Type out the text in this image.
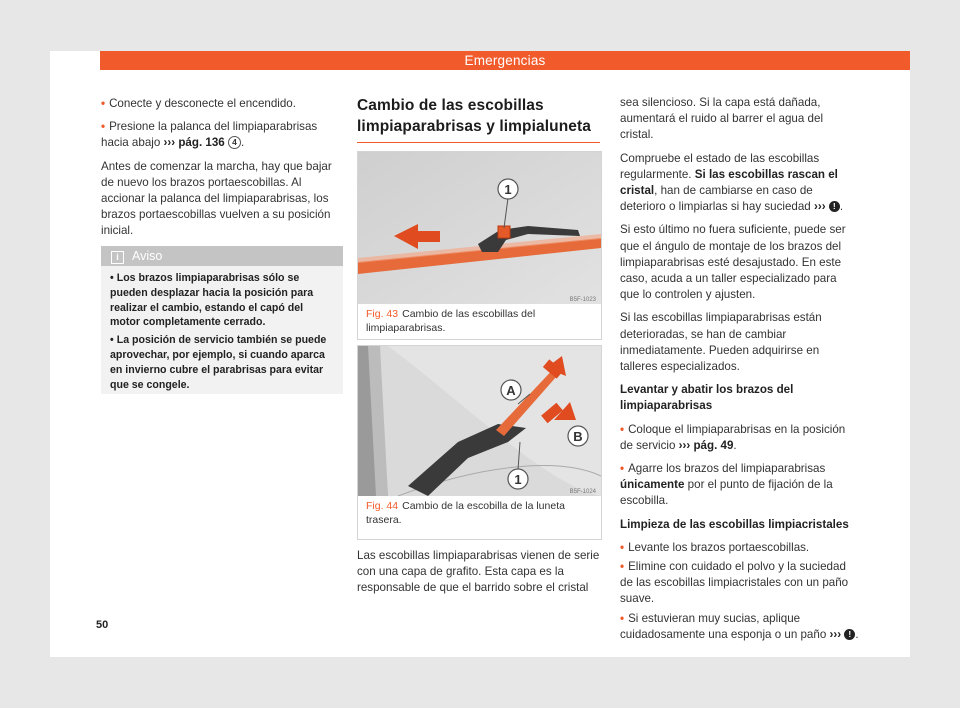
Emergencias

• Conecte y desconecte el encendido.

• Presione la palanca del limpiaparabrisas hacia abajo ››› pág. 136 4 .

Antes de comenzar la marcha, hay que bajar de nuevo los brazos portaescobillas. Al accionar la palanca del limpiaparabrisas, los brazos portaescobillas vuelven a su posición inicial.

i Aviso

• Los brazos limpiaparabrisas sólo se pueden desplazar hacia la posición para realizar el cambio, estando el capó del motor completamente cerrado.

• La posición de servicio también se puede aprovechar, por ejemplo, si cuando aparca en invierno cubre el parabrisas para evitar que se congele.

Cambio de las escobillas limpiaparabrisas y limpialuneta
1
B5F-1023
Fig. 43 Cambio de las escobillas del limpiaparabrisas.
A
B
1
B5F-1024
Fig. 44 Cambio de la escobilla de la luneta trasera.

Las escobillas limpiaparabrisas vienen de serie con una capa de grafito. Esta capa es la responsable de que el barrido sobre el cristal

sea silencioso. Si la capa está dañada, aumentará el ruido al barrer el agua del cristal.

Compruebe el estado de las escobillas regularmente. Si las escobillas rascan el cristal, han de cambiarse en caso de deterioro o limpiarlas si hay suciedad ››› ! .

Si esto último no fuera suficiente, puede ser que el ángulo de montaje de los brazos del limpiaparabrisas esté desajustado. En este caso, acuda a un taller especializado para que lo controlen y ajusten.

Si las escobillas limpiaparabrisas están deterioradas, se han de cambiar inmediatamente. Pueden adquirirse en talleres especializados.

Levantar y abatir los brazos del limpiaparabrisas

• Coloque el limpiaparabrisas en la posición de servicio ››› pág. 49.

• Agarre los brazos del limpiaparabrisas únicamente por el punto de fijación de la escobilla.

Limpieza de las escobillas limpiacristales

• Levante los brazos portaescobillas.

• Elimine con cuidado el polvo y la suciedad de las escobillas limpiacristales con un paño suave.

• Si estuvieran muy sucias, aplique cuidadosamente una esponja o un paño ››› ! .

50
